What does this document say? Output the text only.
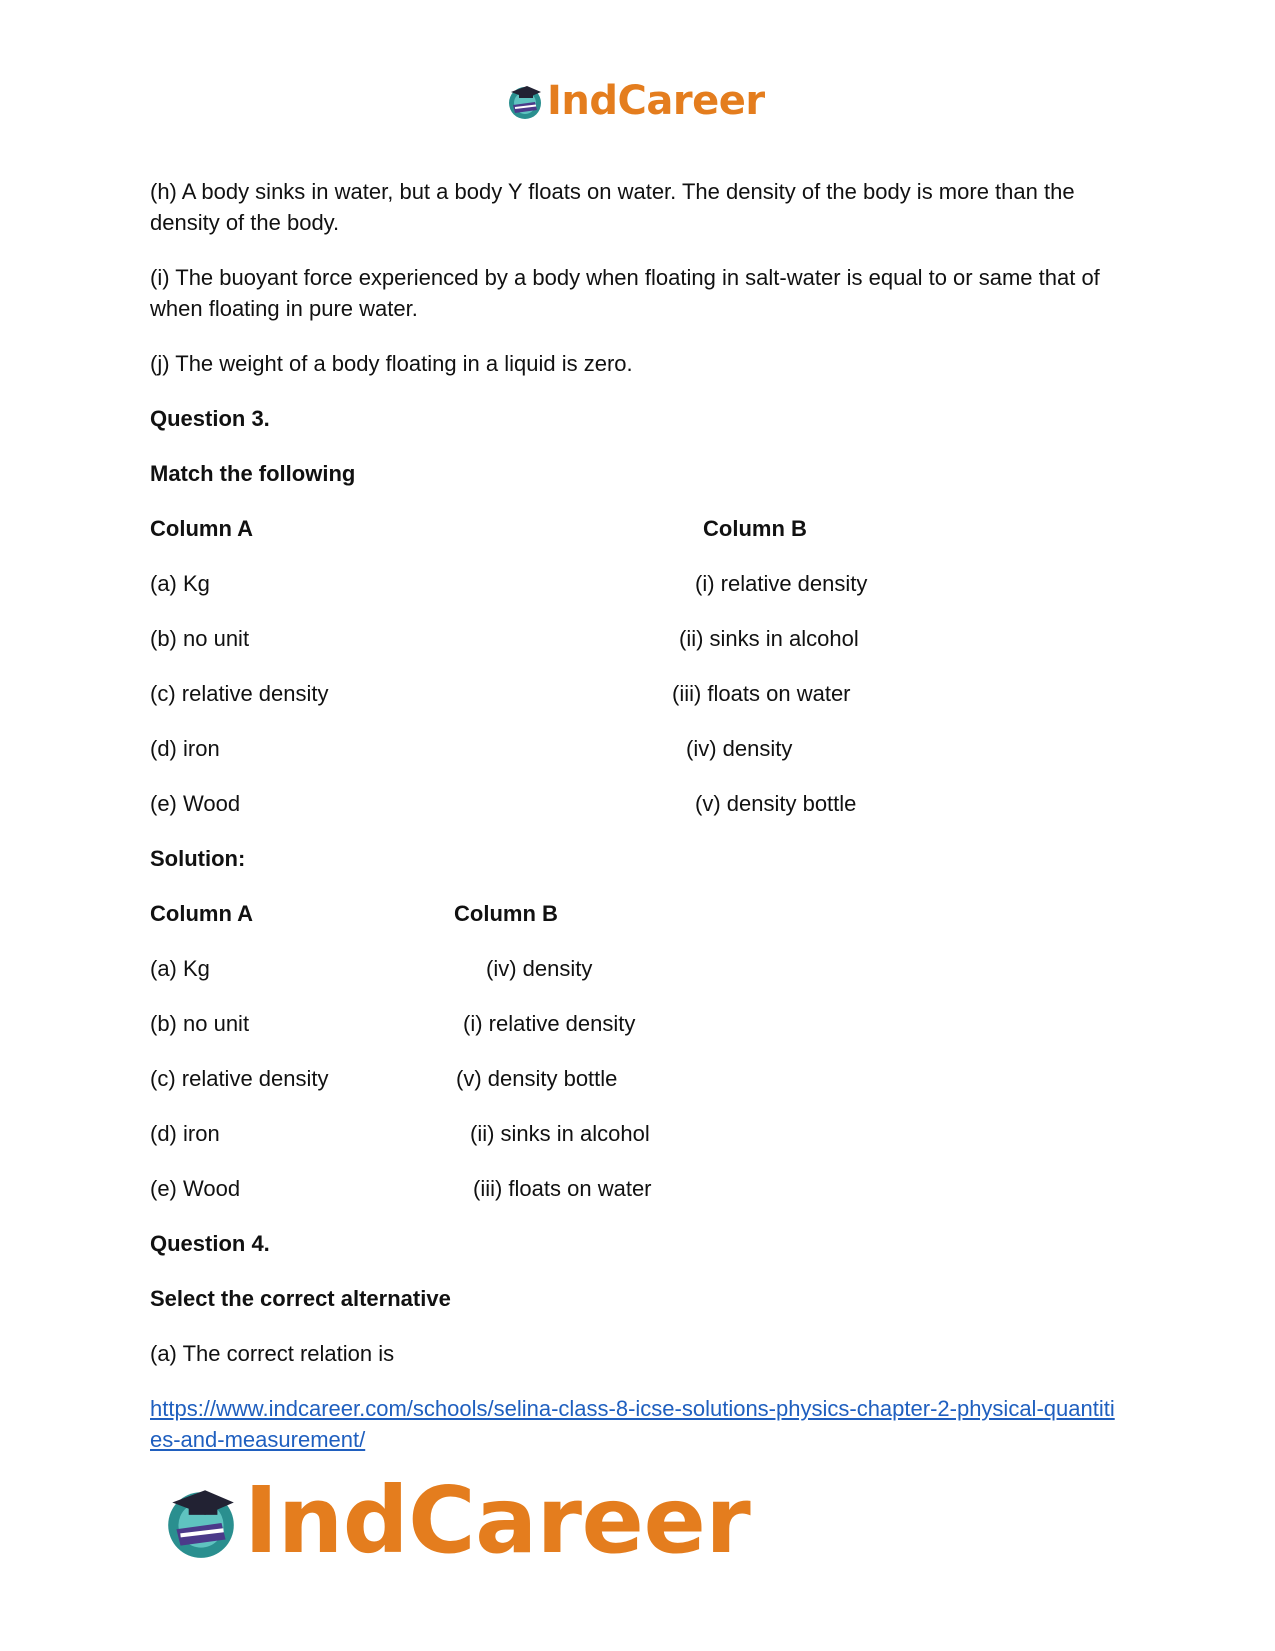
IndCareer

(h) A body sinks in water, but a body Y floats on water. The density of the body is more than the density of the body.

(i) The buoyant force experienced by a body when floating in salt-water is equal to or same that of when floating in pure water.

(j) The weight of a body floating in a liquid is zero.

Question 3.

Match the following

Column A	Column B
(a) Kg	(i) relative density
(b) no unit	(ii) sinks in alcohol
(c) relative density	(iii) floats on water
(d) iron	(iv) density
(e) Wood	(v) density bottle

Solution:

Column A	Column B
(a) Kg	(iv) density
(b) no unit	(i) relative density
(c) relative density	(v) density bottle
(d) iron	(ii) sinks in alcohol
(e) Wood	(iii) floats on water

Question 4.

Select the correct alternative

(a) The correct relation is

https://www.indcareer.com/schools/selina-class-8-icse-solutions-physics-chapter-2-physical-quantities-and-measurement/
IndCareer
